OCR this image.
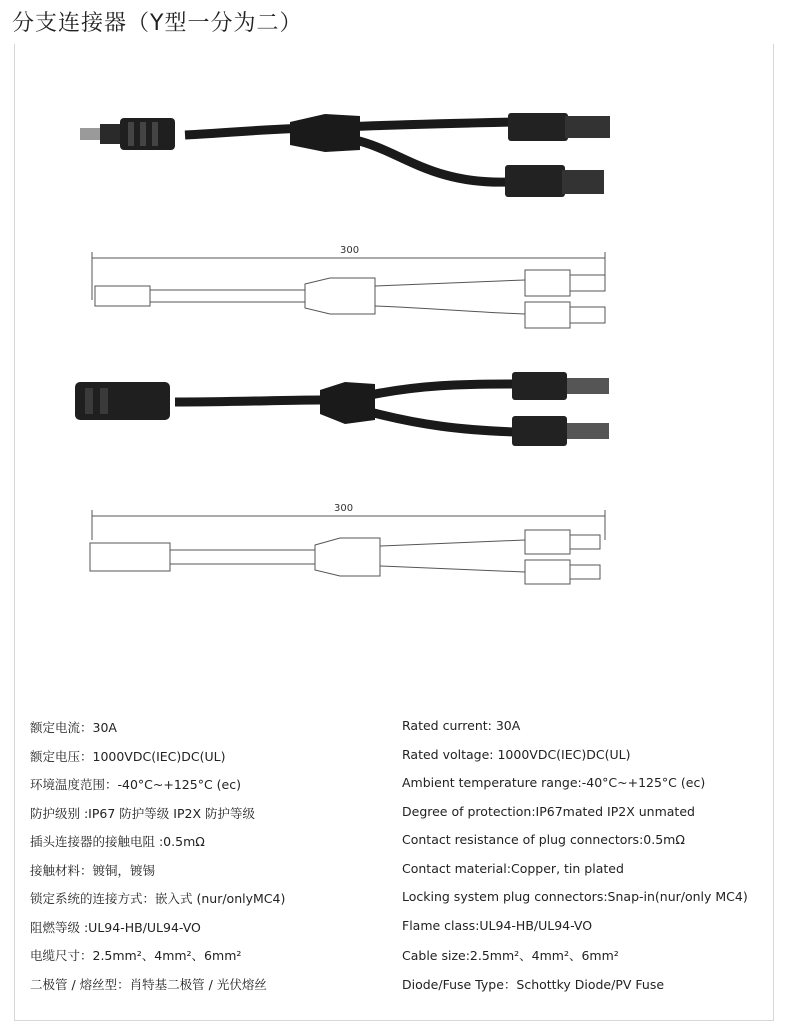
分支连接器（Y型一分为二）
300
300
额定电流：30A	Rated current: 30A
额定电压：1000VDC(IEC)DC(UL)	Rated voltage: 1000VDC(IEC)DC(UL)
环境温度范围：-40°C~+125°C (ec)	Ambient temperature range:-40°C~+125°C (ec)
防护级别 :IP67 防护等级 IP2X 防护等级	Degree of protection:IP67mated IP2X unmated
插头连接器的接触电阻 :0.5mΩ	Contact resistance of plug connectors:0.5mΩ
接触材料：镀铜，镀锡	Contact material:Copper, tin plated
锁定系统的连接方式：嵌入式 (nur/onlyMC4)	Locking system plug connectors:Snap-in(nur/only MC4)
阻燃等级 :UL94-HB/UL94-VO	Flame class:UL94-HB/UL94-VO
电缆尺寸：2.5mm²、4mm²、6mm²	Cable size:2.5mm²、4mm²、6mm²
二极管 / 熔丝型：肖特基二极管 / 光伏熔丝	Diode/Fuse Type：Schottky Diode/PV Fuse
